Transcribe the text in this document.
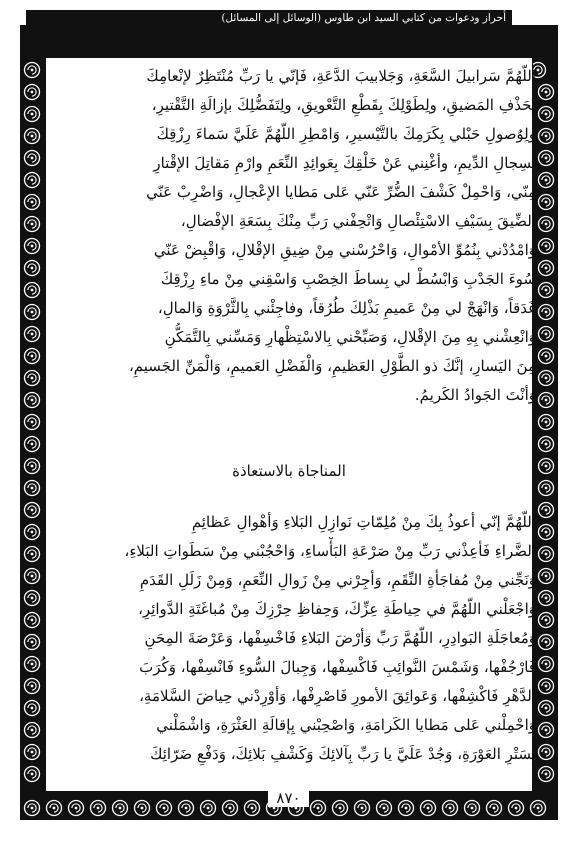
أحراز ودعوات من كتابي السيد ابن طاوس (الوسائل إلى المسائل)
اللّهُمَّ سَرابيلَ السَّعَةِ، وَجَلابيبَ الدَّعَةِ، فَإنّي يا رَبِّ مُنْتَظِرٌ لإنْعامِكَ
بِحَذْفِ المَضيقِ، ولِطَوْلِكَ بِقَطْعِ التَّعْويقِ، ولِتَفَضُّلِكَ بإزالَةِ التَّقْتيرِ،
ولِوُصولِ حَبْلي بِكَرَمِكَ بالتَّيْسيرِ، وَامْطِرِ اللّهُمَّ عَلَيَّ سَماءَ رِزْقِكَ
بِسِجالِ الدِّيمِ، وأغْنِني عَنْ خَلْقِكَ بِعَوائِدِ النِّعَمِ وارْمِ مَقاتِلَ الإقْتارِ
مِنّي، وَاحْمِلْ كَشْفَ الضُّرِّ عَنّي عَلى مَطايا الإعْجالِ، وَاضْرِبْ عَنّي
الضِّيقَ بِسَيْفِ الاسْتِئْصالِ وَاتْحِفْني رَبِّ مِنْكَ بِسَعَةِ الإفْضالِ،
وَامْدُدْني بِنُمُوِّ الأمْوالِ، وَاحْرُسْني مِنْ ضِيقِ الإقْلالِ، وَاقْبِضْ عَنّي
سُوءَ الجَدْبِ وَابْسُطْ لي بِساطَ الخِصْبِ وَاسْقِني مِنْ ماءِ رِزْقِكَ
غَدَقاً، وَانْهَجْ لي مِنْ عَميمِ بَذْلِكَ طُرُقاً، وفاجِئْني بِالثَّرْوَةِ وَالمالِ،
وَانْعِشْني بِهِ مِنَ الإقْلالِ، وَصَبِّحْني بِالاسْتِظْهارِ وَمَسِّني بِالتَّمَكُّنِ
مِنَ اليَسارِ، إنَّكَ ذو الطَّوْلِ العَظيمِ، وَالْفَضْلِ العَميمِ، وَالْمَنِّ الجَسيمِ،
وَأنْتَ الجَوادُ الكَريمُ.
المناجاة بالاستعاذة
اللّهُمَّ إنّي أعوذُ بِكَ مِنْ مُلِمّاتِ نَوازِلِ البَلاءِ وَأهْوالِ عَظائِمِ
الضَّراءِ فَأعِذْني رَبِّ مِنْ صَرْعَةِ البَأْساءِ، وَاحْجُبْني مِنْ سَطَواتِ البَلاءِ،
وَنَجِّني مِنْ مُفاجَأةِ النِّقَمِ، وَأجِرْني مِنْ زَوالِ النِّعَمِ، وَمِنْ زَلَلِ القَدَمِ
وَاجْعَلْني اللّهُمَّ في حِياطَةِ عِزِّكَ، وَحِفاظِ حِرْزِكَ مِنْ مُباغَتَةِ الدَّوائِرِ،
وَمُعاجَلَةِ البَوادِرِ، اللّهُمَّ رَبِّ وَأرْضَ البَلاءِ فَاخْسِفْها، وَعَرْصَةَ المِحَنِ
فَارْجُفْها، وَشَمْسَ النَّوائِبِ فَاكْسِفْها، وَجِبالَ السُّوءِ فَانْسِفْها، وَكُرَبَ
الدَّهْرِ فَاكْشِفْها، وَعَوائِقَ الأمورِ فَاصْرِفْها، وَأوْرِدْني حِياضَ السَّلامَةِ،
وَاحْمِلْني عَلى مَطايا الكَرامَةِ، وَاصْحِبْني بِإقالَةِ العَثْرَةِ، وَاشْمَلْني
بِسَتْرِ العَوْرَةِ، وَجُدْ عَلَيَّ يا رَبِّ بِآلائِكَ وَكَشْفِ بَلائِكَ، وَدَفْعِ ضَرّائِكَ
٨٧٠
